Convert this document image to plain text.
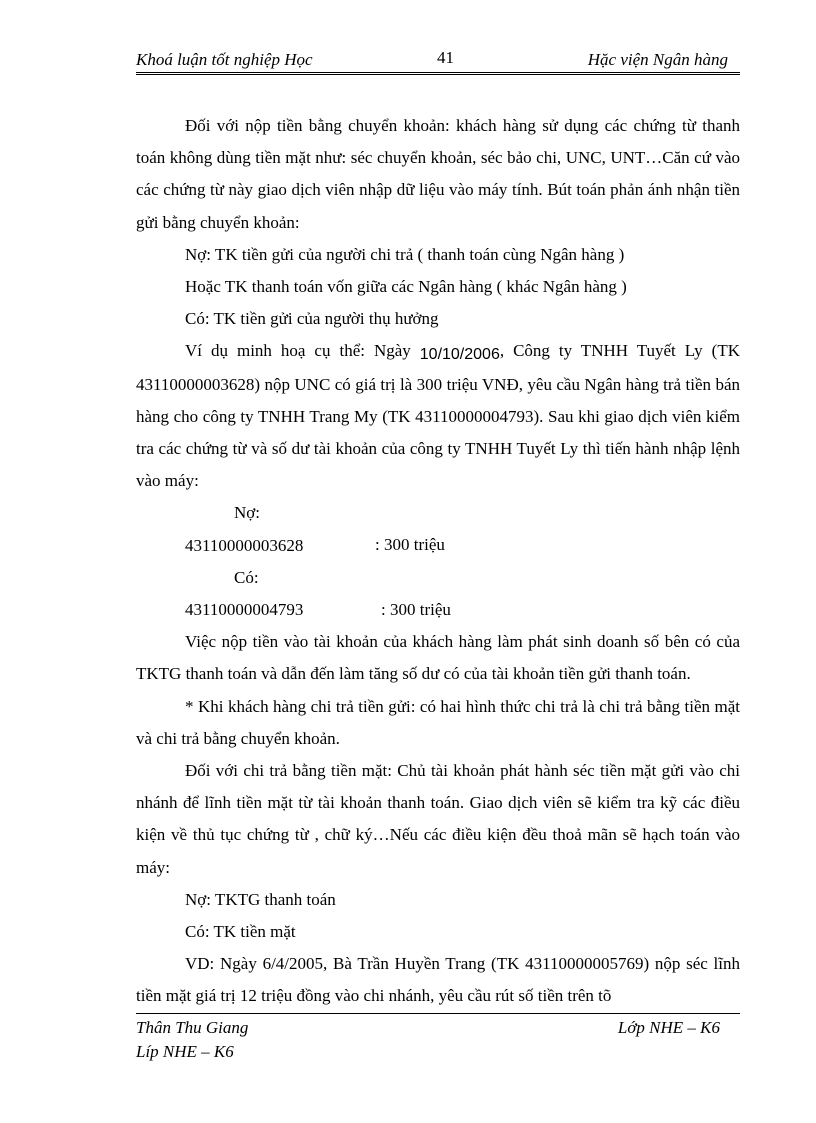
Khoá luận tốt nghiệp Học	41	Hặc viện Ngân hàng

Đối với nộp tiền bằng chuyển khoản: khách hàng sử dụng các chứng từ thanh toán không dùng tiền mặt như: séc chuyển khoản, séc bảo chi, UNC, UNT…Căn cứ vào các chứng từ này giao dịch viên nhập dữ liệu vào máy tính. Bút toán phản ánh nhận tiền gửi bằng chuyển khoản:

Nợ: TK tiền gửi của người chi trả ( thanh toán cùng Ngân hàng )

Hoặc TK thanh toán vốn giữa các Ngân hàng ( khác Ngân hàng )

Có: TK tiền gửi của người thụ hưởng

Ví dụ minh hoạ cụ thể: Ngày 10/10/2006, Công ty TNHH Tuyết Ly (TK 43110000003628) nộp UNC có giá trị là 300 triệu VNĐ, yêu cầu Ngân hàng trả tiền bán hàng cho công ty TNHH Trang My (TK 43110000004793). Sau khi giao dịch viên kiểm tra các chứng từ và số dư tài khoản của công ty TNHH Tuyết Ly thì tiến hành nhập lệnh vào máy:

Nợ: 43110000003628	: 300 triệu

Có: 43110000004793	: 300 triệu

Việc nộp tiền vào tài khoản của khách hàng làm phát sinh doanh số bên có của TKTG thanh toán và dẫn đến làm tăng số dư có của tài khoản tiền gửi thanh toán.

* Khi khách hàng chi trả tiền gửi: có hai hình thức chi trả là chi trả bằng tiền mặt và chi trả bằng chuyển khoản.

Đối với chi trả bằng tiền mặt: Chủ tài khoản phát hành séc tiền mặt gửi vào chi nhánh để lĩnh tiền mặt từ tài khoản thanh toán. Giao dịch viên sẽ kiểm tra kỹ các điều kiện về thủ tục chứng từ , chữ ký…Nếu các điều kiện đều thoả mãn sẽ hạch toán vào máy:

Nợ: TKTG thanh toán

Có: TK tiền mặt

VD: Ngày 6/4/2005, Bà Trần Huyền Trang (TK 43110000005769) nộp séc lĩnh tiền mặt giá trị 12 triệu đồng vào chi nhánh, yêu cầu rút số tiền trên tõ

Thân Thu Giang
Líp NHE – K6
Lớp NHE – K6
